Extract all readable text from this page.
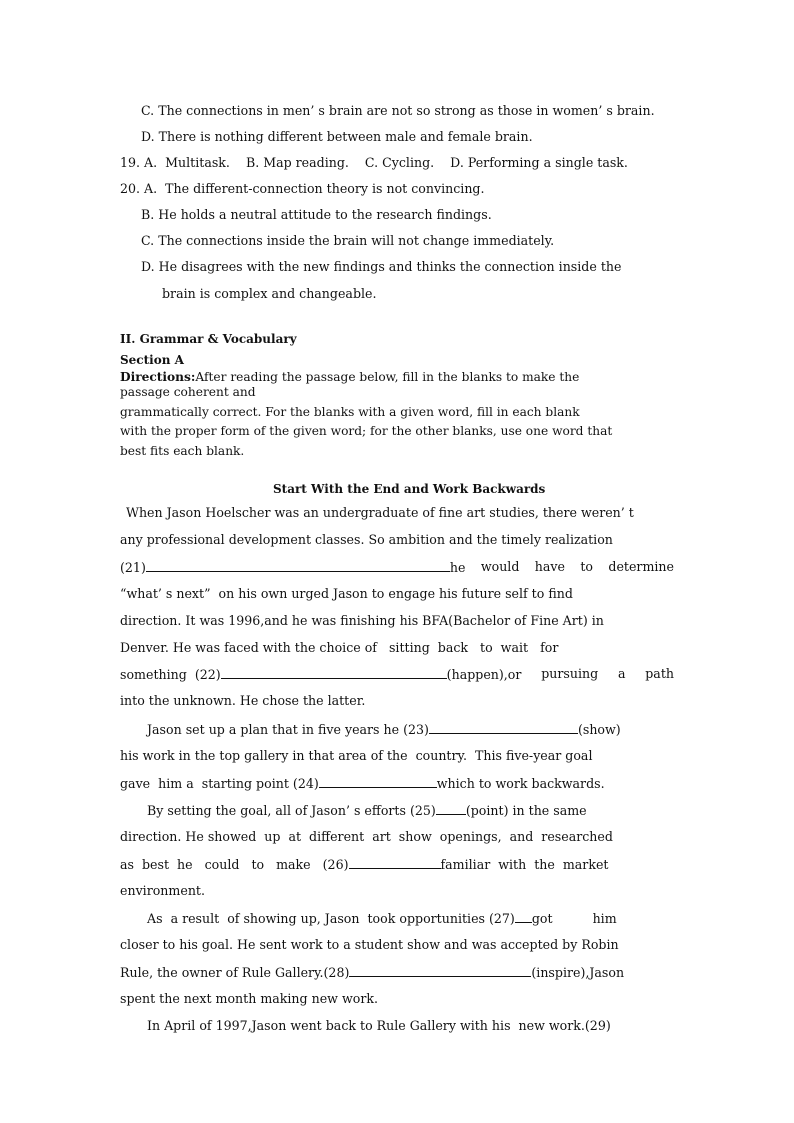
C. The connections in men’ s brain are not so strong as those in women’ s brain.
D. There is nothing different between male and female brain.
19. A.  Multitask.    B. Map reading.    C. Cycling.    D. Performing a single task.
20. A.  The different-connection theory is not convincing.
B. He holds a neutral attitude to the research findings.
C. The connections inside the brain will not change immediately.
D. He disagrees with the new findings and thinks the connection inside the
brain is complex and changeable.
II. Grammar & Vocabulary
Section A
Directions:After reading the passage below, fill in the blanks to make the
passage coherent and
grammatically correct. For the blanks with a given word, fill in each blank
with the proper form of the given word; for the other blanks, use one word that
best fits each blank.
Start With the End and Work Backwards
When Jason Hoelscher was an undergraduate of fine art studies, there weren’ t
any professional development classes. So ambition and the timely realization
(21)	he would have to determine
“what’ s next”  on his own urged Jason to engage his future self to find
direction. It was 1996,and he was finishing his BFA(Bachelor of Fine Art) in
Denver. He was faced with the choice of   sitting  back   to  wait   for
something  (22)	(happen),or pursuing a path
into the unknown. He chose the latter.
Jason set up a plan that in five years he (23)	(show)
his work in the top gallery in that area of the  country.  This five-year goal
gave  him a  starting point (24)	which to work backwards.
By setting the goal, all of Jason’ s efforts (25) (point) in the same
direction. He showed  up  at  different  art  show  openings,  and  researched
as  best  he   could   to   make   (26)	familiar  with  the  market
environment.
As  a result  of showing up, Jason  took opportunities (27) got	him
closer to his goal. He sent work to a student show and was accepted by Robin
Rule, the owner of Rule Gallery.(28)	(inspire),Jason
spent the next month making new work.
In April of 1997,Jason went back to Rule Gallery with his  new work.(29)
